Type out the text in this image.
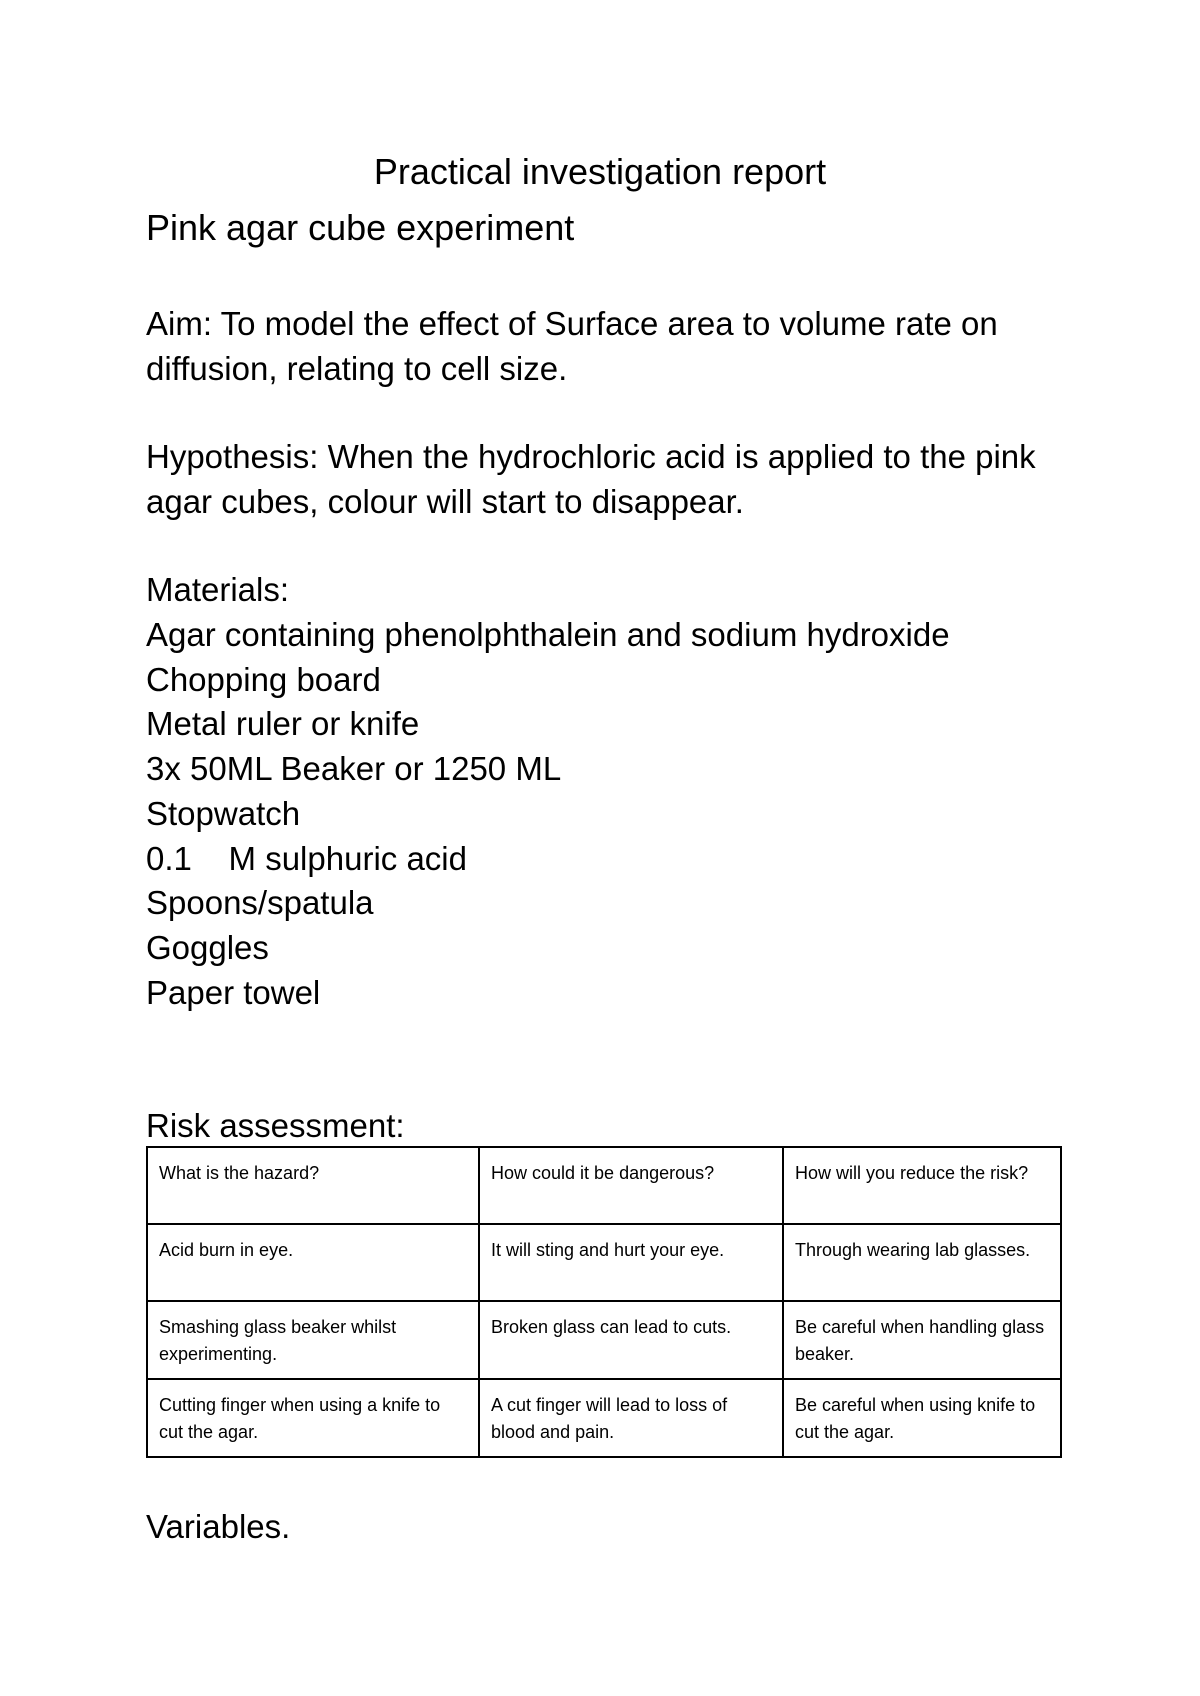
Practical investigation report
Pink agar cube experiment
Aim: To model the effect of Surface area to volume rate on
diffusion, relating to cell size.
Hypothesis: When the hydrochloric acid is applied to the pink
agar cubes, colour will start to disappear.
Materials:
Agar containing phenolphthalein and sodium hydroxide
Chopping board
Metal ruler or knife
3x 50ML Beaker or 1250 ML
Stopwatch
0.1    M sulphuric acid
Spoons/spatula
Goggles
Paper towel
Risk assessment:
What is the hazard?	How could it be dangerous?	How will you reduce the risk?
Acid burn in eye.	It will sting and hurt your eye.	Through wearing lab glasses.
Smashing glass beaker whilst experimenting.	Broken glass can lead to cuts.	Be careful when handling glass beaker.
Cutting finger when using a knife to cut the agar.	A cut finger will lead to loss of blood and pain.	Be careful when using knife to cut the agar.
Variables.
